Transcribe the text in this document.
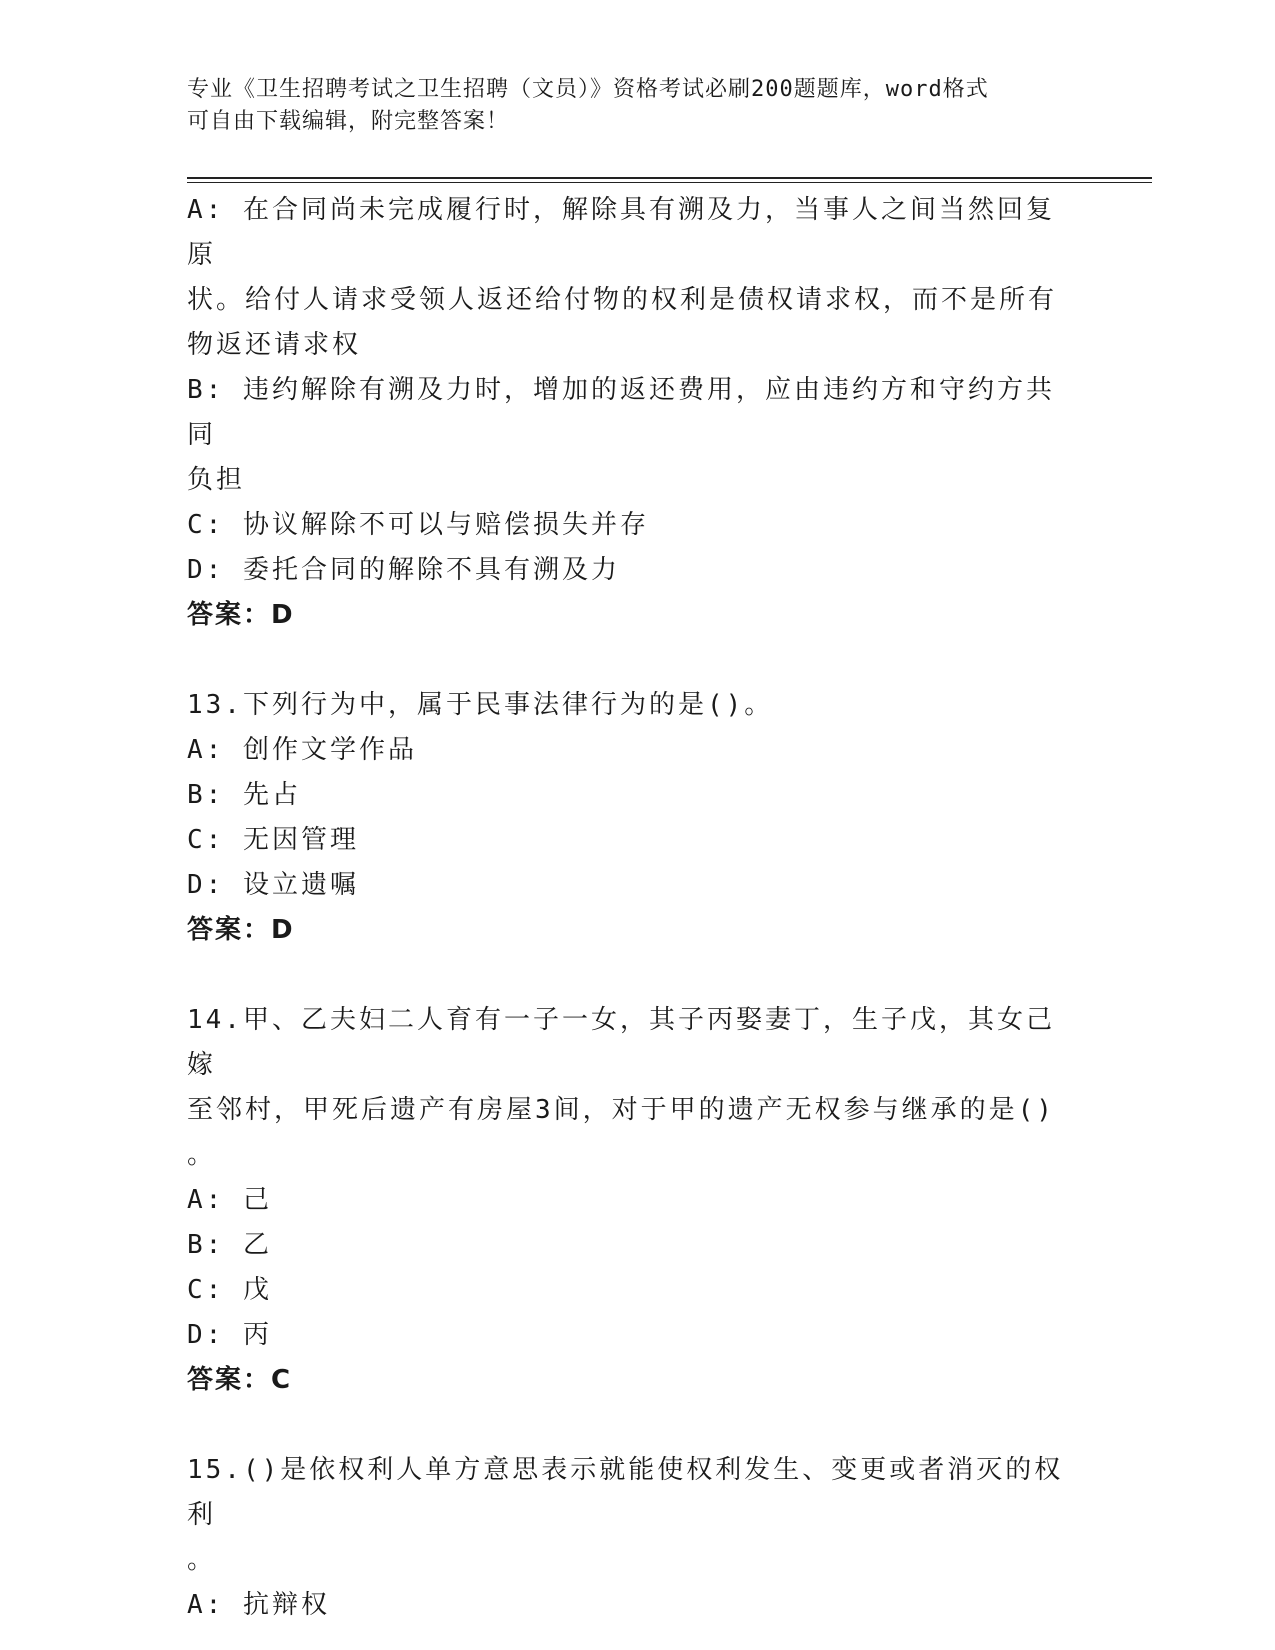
专业《卫生招聘考试之卫生招聘（文员）》资格考试必刷200题题库，word格式

可自由下载编辑，附完整答案！

A: 在合同尚未完成履行时，解除具有溯及力，当事人之间当然回复原

状。给付人请求受领人返还给付物的权利是债权请求权，而不是所有

物返还请求权

B: 违约解除有溯及力时，增加的返还费用，应由违约方和守约方共同

负担

C: 协议解除不可以与赔偿损失并存

D: 委托合同的解除不具有溯及力

答案：D

13.下列行为中，属于民事法律行为的是()。

A: 创作文学作品

B: 先占

C: 无因管理

D: 设立遗嘱

答案：D

14.甲、乙夫妇二人育有一子一女，其子丙娶妻丁，生子戊，其女己嫁

至邻村，甲死后遗产有房屋3间，对于甲的遗产无权参与继承的是()

。

A: 己

B: 乙

C: 戊

D: 丙

答案：C

15.()是依权利人单方意思表示就能使权利发生、变更或者消灭的权利

。

A: 抗辩权
